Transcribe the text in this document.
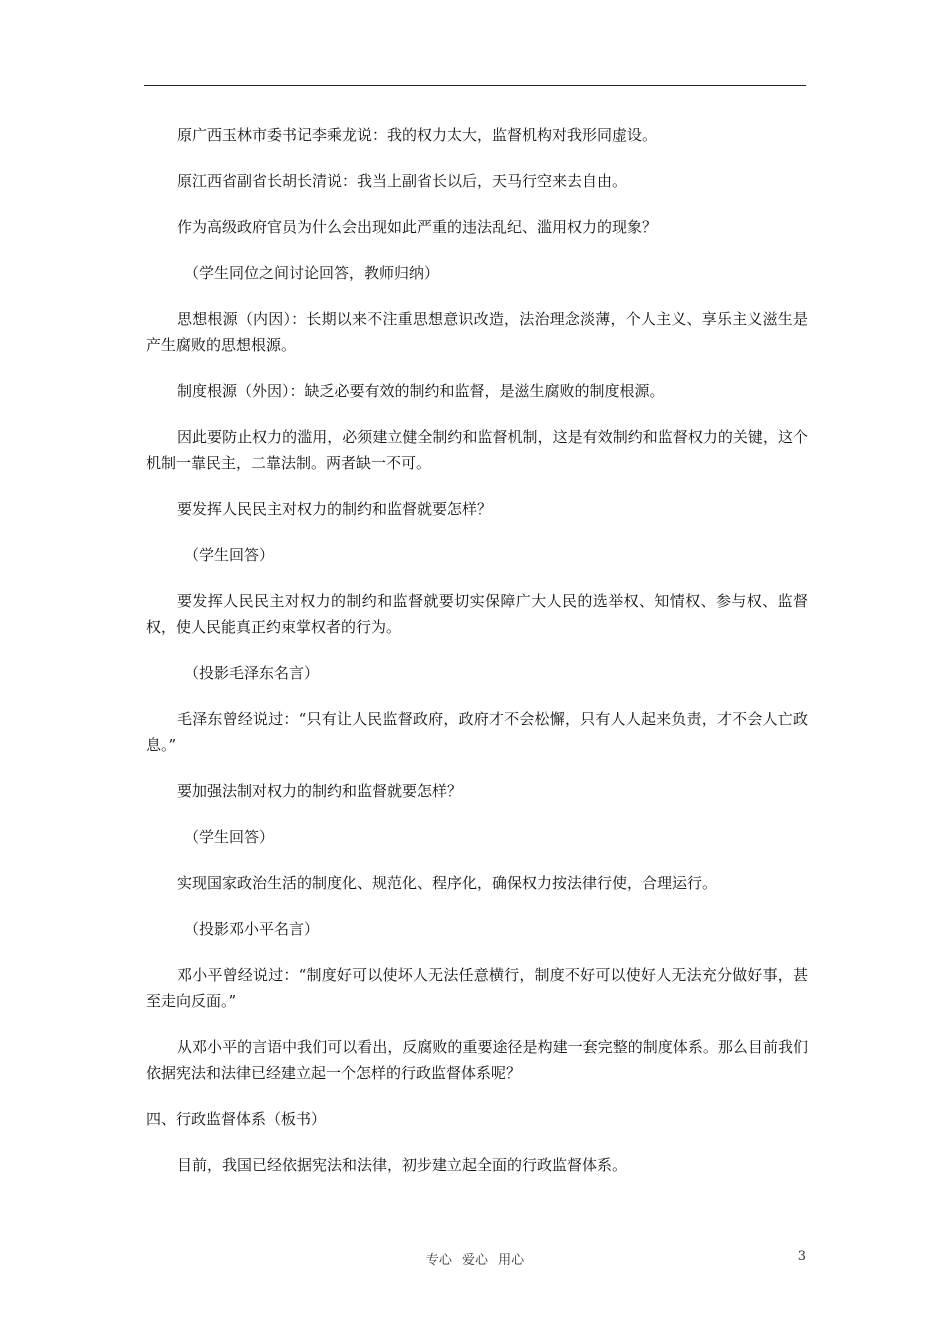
原广西玉林市委书记李乘龙说：我的权力太大，监督机构对我形同虚设。

原江西省副省长胡长清说：我当上副省长以后，天马行空来去自由。

作为高级政府官员为什么会出现如此严重的违法乱纪、滥用权力的现象？

（学生同位之间讨论回答，教师归纳）

思想根源（内因）：长期以来不注重思想意识改造，法治理念淡薄，个人主义、享乐主义滋生是产生腐败的思想根源。

制度根源（外因）：缺乏必要有效的制约和监督，是滋生腐败的制度根源。

因此要防止权力的滥用，必须建立健全制约和监督机制，这是有效制约和监督权力的关键，这个机制一靠民主，二靠法制。两者缺一不可。

要发挥人民民主对权力的制约和监督就要怎样？

（学生回答）

要发挥人民民主对权力的制约和监督就要切实保障广大人民的选举权、知情权、参与权、监督权，使人民能真正约束掌权者的行为。

（投影毛泽东名言）

毛泽东曾经说过：“只有让人民监督政府，政府才不会松懈，只有人人起来负责，才不会人亡政息。”

要加强法制对权力的制约和监督就要怎样？

（学生回答）

实现国家政治生活的制度化、规范化、程序化，确保权力按法律行使，合理运行。

（投影邓小平名言）

邓小平曾经说过：“制度好可以使坏人无法任意横行，制度不好可以使好人无法充分做好事，甚至走向反面。”

从邓小平的言语中我们可以看出，反腐败的重要途径是构建一套完整的制度体系。那么目前我们依据宪法和法律已经建立起一个怎样的行政监督体系呢？

四、行政监督体系（板书）

目前，我国已经依据宪法和法律，初步建立起全面的行政监督体系。

专心 爱心 用心	3
